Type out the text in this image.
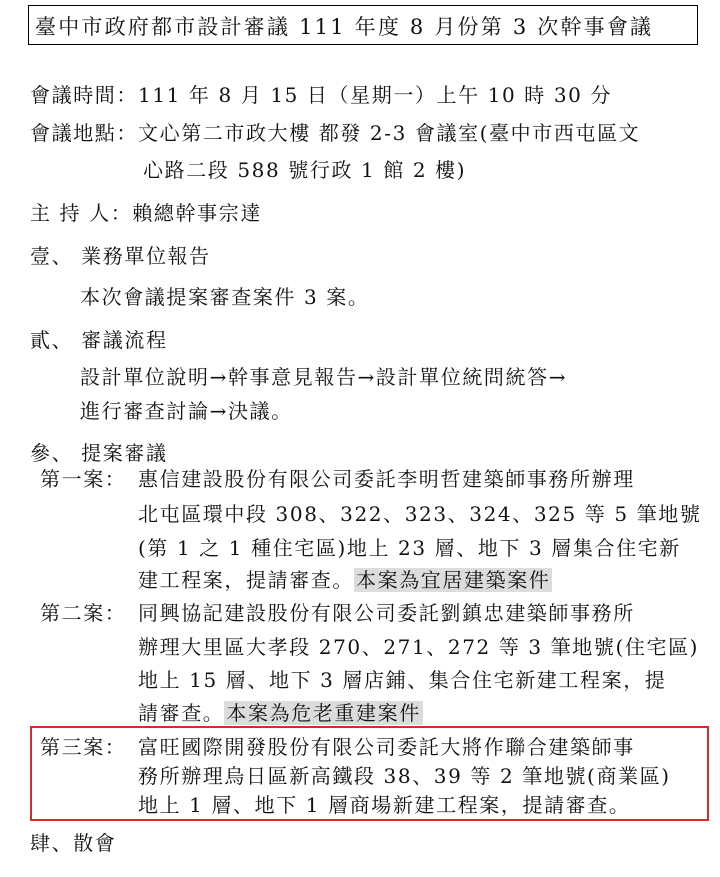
臺中市政府都市設計審議 111 年度 8 月份第 3 次幹事會議
會議時間：111 年 8 月 15 日（星期一）上午 10 時 30 分
會議地點：文心第二市政大樓 都發 2-3 會議室(臺中市西屯區文
心路二段 588 號行政 1 館 2 樓)
主 持 人：賴總幹事宗達
壹、 業務單位報告
本次會議提案審查案件 3 案。
貳、 審議流程
設計單位說明→幹事意見報告→設計單位統問統答→
進行審查討論→決議。
參、 提案審議
第一案： 惠信建設股份有限公司委託李明哲建築師事務所辦理
北屯區環中段 308、322、323、324、325 等 5 筆地號
(第 1 之 1 種住宅區)地上 23 層、地下 3 層集合住宅新
建工程案，提請審查。 本案為宜居建築案件
第二案： 同興協記建設股份有限公司委託劉鎮忠建築師事務所
辦理大里區大孝段 270、271、272 等 3 筆地號(住宅區)
地上 15 層、地下 3 層店鋪、集合住宅新建工程案，提
請審查。 本案為危老重建案件
第三案： 富旺國際開發股份有限公司委託大將作聯合建築師事
務所辦理烏日區新高鐵段 38、39 等 2 筆地號(商業區)
地上 1 層、地下 1 層商場新建工程案，提請審查。
肆、散會
